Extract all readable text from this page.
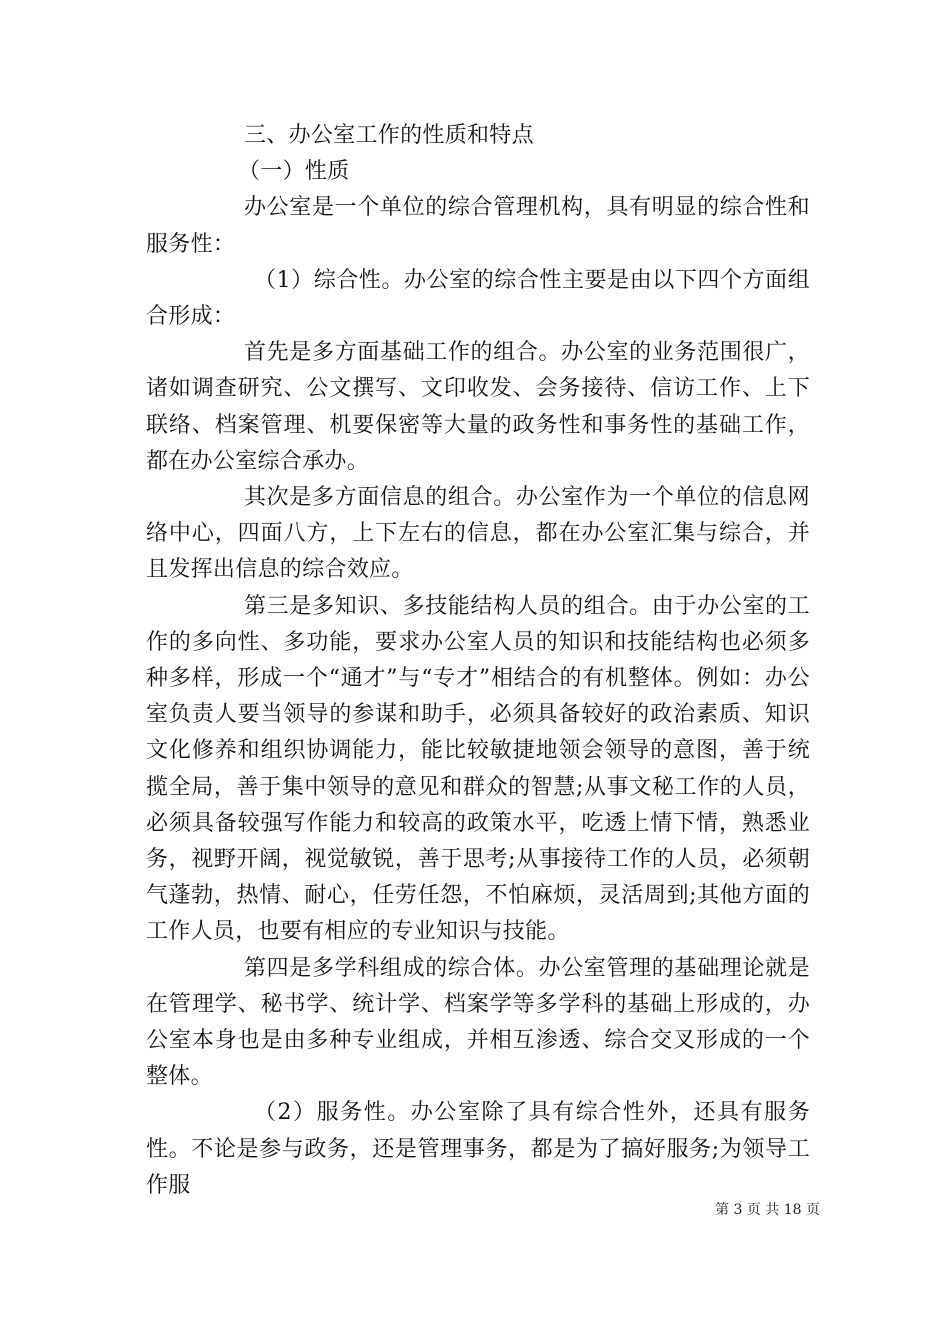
三、办公室工作的性质和特点

（一）性质

办公室是一个单位的综合管理机构，具有明显的综合性和服务性：

（1）综合性。办公室的综合性主要是由以下四个方面组合形成：

首先是多方面基础工作的组合。办公室的业务范围很广，诸如调查研究、公文撰写、文印收发、会务接待、信访工作、上下联络、档案管理、机要保密等大量的政务性和事务性的基础工作，都在办公室综合承办。

其次是多方面信息的组合。办公室作为一个单位的信息网络中心，四面八方，上下左右的信息，都在办公室汇集与综合，并且发挥出信息的综合效应。

第三是多知识、多技能结构人员的组合。由于办公室的工作的多向性、多功能，要求办公室人员的知识和技能结构也必须多种多样，形成一个“通才”与“专才”相结合的有机整体。例如：办公室负责人要当领导的参谋和助手，必须具备较好的政治素质、知识文化修养和组织协调能力，能比较敏捷地领会领导的意图，善于统揽全局，善于集中领导的意见和群众的智慧;从事文秘工作的人员，必须具备较强写作能力和较高的政策水平，吃透上情下情，熟悉业务，视野开阔，视觉敏锐，善于思考;从事接待工作的人员，必须朝气蓬勃，热情、耐心，任劳任怨，不怕麻烦，灵活周到;其他方面的工作人员，也要有相应的专业知识与技能。

第四是多学科组成的综合体。办公室管理的基础理论就是在管理学、秘书学、统计学、档案学等多学科的基础上形成的，办公室本身也是由多种专业组成，并相互渗透、综合交叉形成的一个整体。

（2）服务性。办公室除了具有综合性外，还具有服务性。不论是参与政务，还是管理事务，都是为了搞好服务;为领导工作服

第 3 页 共 18 页
